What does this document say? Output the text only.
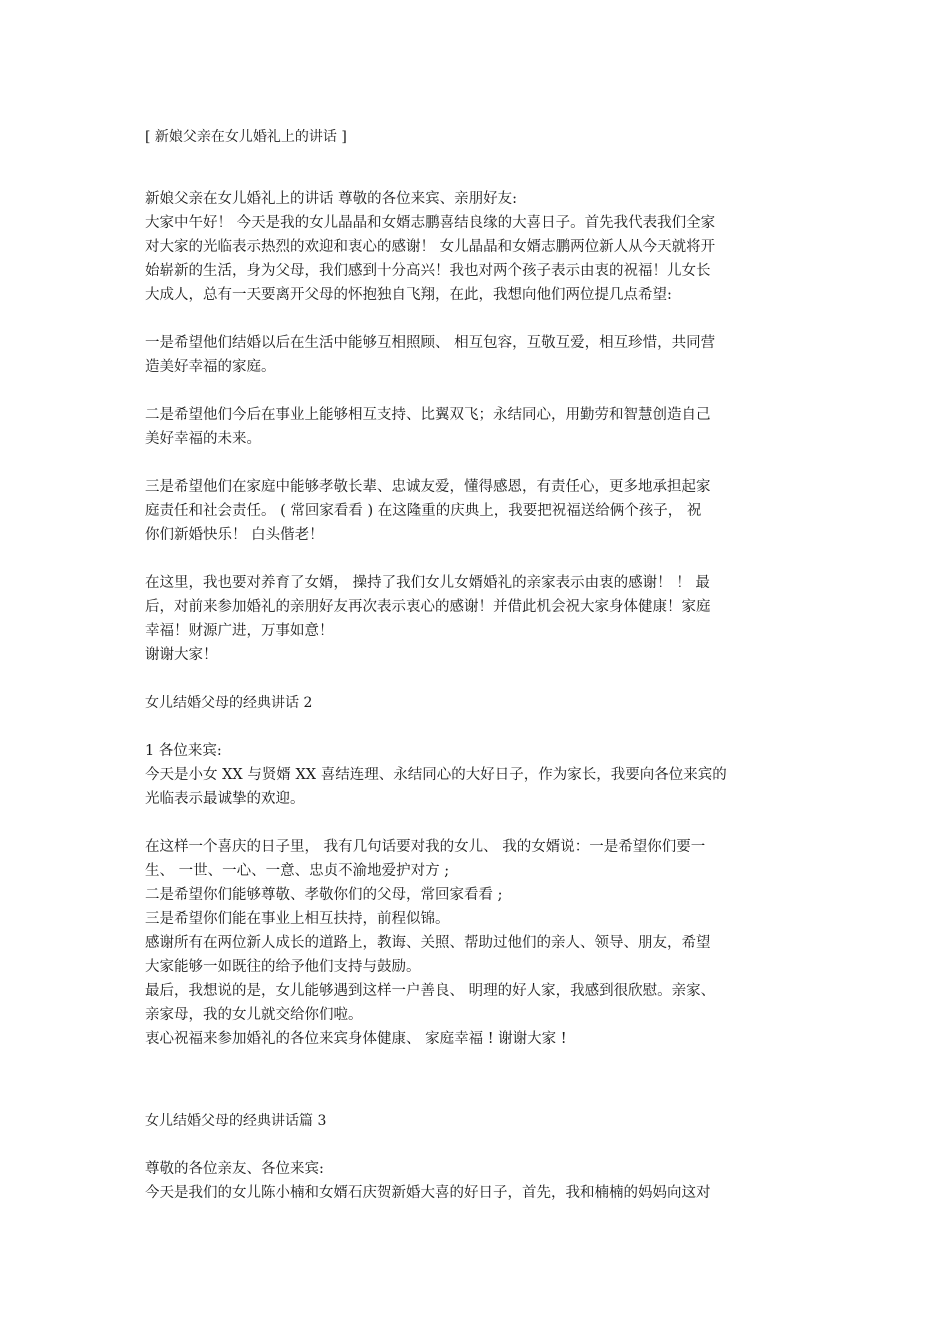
[ 新娘父亲在女儿婚礼上的讲话 ]
新娘父亲在女儿婚礼上的讲话 尊敬的各位来宾、亲朋好友:
大家中午好！ 今天是我的女儿晶晶和女婿志鹏喜结良缘的大喜日子。首先我代表我们全家
对大家的光临表示热烈的欢迎和衷心的感谢！ 女儿晶晶和女婿志鹏两位新人从今天就将开
始崭新的生活，身为父母，我们感到十分高兴！我也对两个孩子表示由衷的祝福！儿女长
大成人，总有一天要离开父母的怀抱独自飞翔，在此，我想向他们两位提几点希望:
一是希望他们结婚以后在生活中能够互相照顾、 相互包容，互敬互爱，相互珍惜，共同营
造美好幸福的家庭。
二是希望他们今后在事业上能够相互支持、比翼双飞；永结同心，用勤劳和智慧创造自己
美好幸福的未来。
三是希望他们在家庭中能够孝敬长辈、忠诚友爱，懂得感恩，有责任心，更多地承担起家
庭责任和社会责任。 ( 常回家看看 ) 在这隆重的庆典上，我要把祝福送给俩个孩子， 祝
你们新婚快乐！ 白头偕老！
在这里，我也要对养育了女婿， 操持了我们女儿女婿婚礼的亲家表示由衷的感谢！ ！ 最
后，对前来参加婚礼的亲朋好友再次表示衷心的感谢！并借此机会祝大家身体健康！家庭
幸福！财源广进，万事如意！
谢谢大家！
女儿结婚父母的经典讲话 2
1 各位来宾:
今天是小女 XX 与贤婿 XX 喜结连理、永结同心的大好日子，作为家长，我要向各位来宾的
光临表示最诚挚的欢迎。
在这样一个喜庆的日子里， 我有几句话要对我的女儿、 我的女婿说：一是希望你们要一
生、 一世、一心、一意、忠贞不渝地爱护对方 ;
二是希望你们能够尊敬、孝敬你们的父母，常回家看看 ;
三是希望你们能在事业上相互扶持，前程似锦。
感谢所有在两位新人成长的道路上，教诲、关照、帮助过他们的亲人、领导、朋友，希望
大家能够一如既往的给予他们支持与鼓励。
最后，我想说的是，女儿能够遇到这样一户善良、 明理的好人家，我感到很欣慰。亲家、
亲家母，我的女儿就交给你们啦。
衷心祝福来参加婚礼的各位来宾身体健康、 家庭幸福 ! 谢谢大家 !
女儿结婚父母的经典讲话篇 3
尊敬的各位亲友、各位来宾:
今天是我们的女儿陈小楠和女婿石庆贺新婚大喜的好日子，首先，我和楠楠的妈妈向这对
